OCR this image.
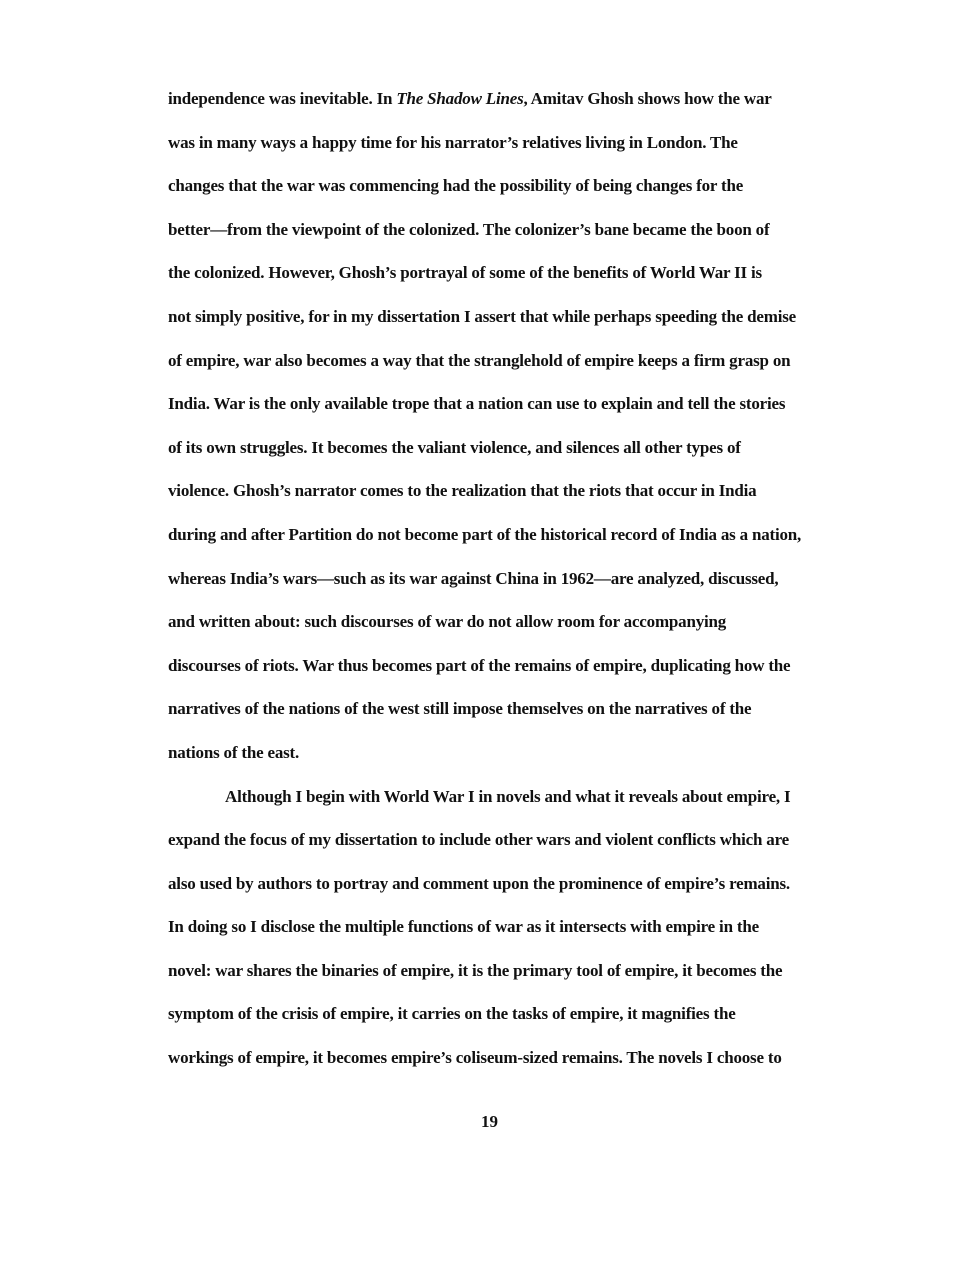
independence was inevitable. In The Shadow Lines, Amitav Ghosh shows how the war
was in many ways a happy time for his narrator’s relatives living in London. The
changes that the war was commencing had the possibility of being changes for the
better—from the viewpoint of the colonized. The colonizer’s bane became the boon of
the colonized. However, Ghosh’s portrayal of some of the benefits of World War II is
not simply positive, for in my dissertation I assert that while perhaps speeding the demise
of empire, war also becomes a way that the stranglehold of empire keeps a firm grasp on
India. War is the only available trope that a nation can use to explain and tell the stories
of its own struggles. It becomes the valiant violence, and silences all other types of
violence. Ghosh’s narrator comes to the realization that the riots that occur in India
during and after Partition do not become part of the historical record of India as a nation,
whereas India’s wars—such as its war against China in 1962—are analyzed, discussed,
and written about: such discourses of war do not allow room for accompanying
discourses of riots. War thus becomes part of the remains of empire, duplicating how the
narratives of the nations of the west still impose themselves on the narratives of the
nations of the east.
Although I begin with World War I in novels and what it reveals about empire, I
expand the focus of my dissertation to include other wars and violent conflicts which are
also used by authors to portray and comment upon the prominence of empire’s remains.
In doing so I disclose the multiple functions of war as it intersects with empire in the
novel: war shares the binaries of empire, it is the primary tool of empire, it becomes the
symptom of the crisis of empire, it carries on the tasks of empire, it magnifies the
workings of empire, it becomes empire’s coliseum-sized remains. The novels I choose to
19
